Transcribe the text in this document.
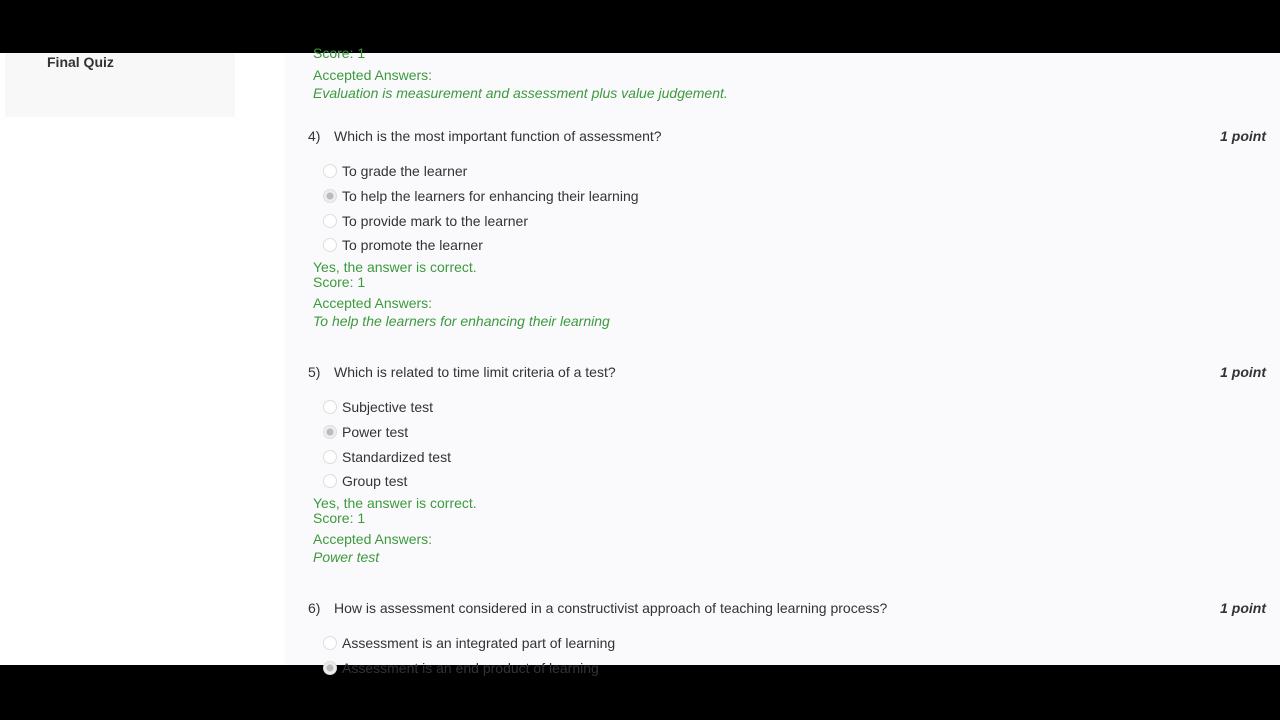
Final Quiz
Score: 1
Accepted Answers:
Evaluation is measurement and assessment plus value judgement.
4) Which is the most important function of assessment?	1 point
To grade the learner
To help the learners for enhancing their learning
To provide mark to the learner
To promote the learner
Yes, the answer is correct.
Score: 1
Accepted Answers:
To help the learners for enhancing their learning
5) Which is related to time limit criteria of a test?	1 point
Subjective test
Power test
Standardized test
Group test
Yes, the answer is correct.
Score: 1
Accepted Answers:
Power test
6) How is assessment considered in a constructivist approach of teaching learning process?	1 point
Assessment is an integrated part of learning
Assessment is an end product of learning
